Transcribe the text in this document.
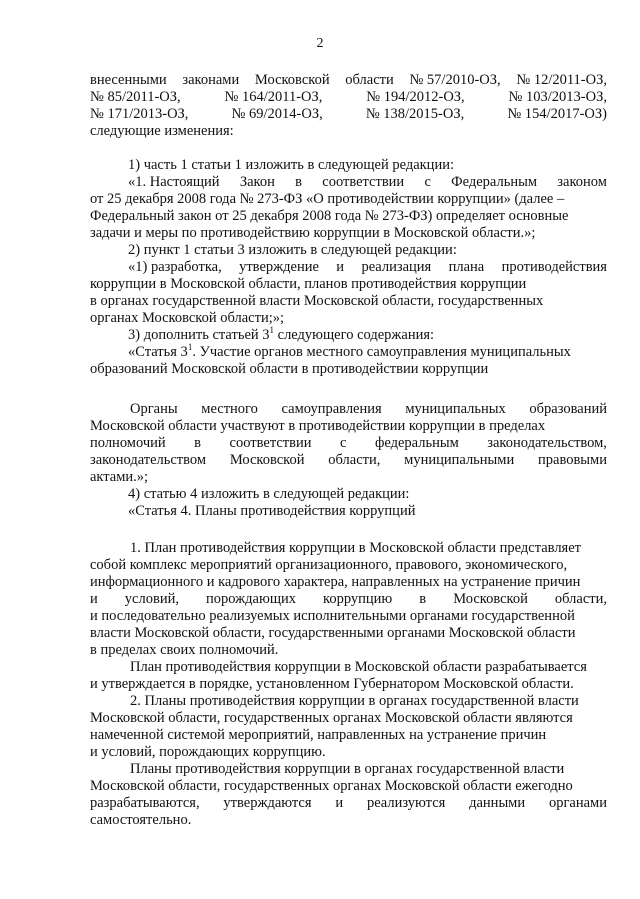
2
внесенными законами Московской области № 57/2010-ОЗ, № 12/2011-ОЗ,
№ 85/2011-ОЗ,	№ 164/2011-ОЗ,	№ 194/2012-ОЗ,	№ 103/2013-ОЗ,
№ 171/2013-ОЗ,	№ 69/2014-ОЗ,	№ 138/2015-ОЗ,	№ 154/2017-ОЗ)
следующие изменения:
1) часть 1 статьи 1 изложить в следующей редакции:
«1. Настоящий Закон в соответствии с Федеральным законом
от 25 декабря 2008 года № 273-ФЗ «О противодействии коррупции» (далее –
Федеральный закон от 25 декабря 2008 года № 273-ФЗ) определяет основные
задачи и меры по противодействию коррупции в Московской области.»;
2) пункт 1 статьи 3 изложить в следующей редакции:
«1) разработка, утверждение и реализация плана противодействия
коррупции в Московской области, планов противодействия коррупции
в органах государственной власти Московской области, государственных
органах Московской области;»;
3) дополнить статьей $3^1$ следующего содержания:
«Статья $3^1$. Участие органов местного самоуправления муниципальных
образований Московской области в противодействии коррупции
Органы местного самоуправления муниципальных образований
Московской области участвуют в противодействии коррупции в пределах
полномочий в соответствии с федеральным законодательством,
законодательством Московской области, муниципальными правовыми
актами.»;
4) статью 4 изложить в следующей редакции:
«Статья 4. Планы противодействия коррупций
1. План противодействия коррупции в Московской области представляет
собой комплекс мероприятий организационного, правового, экономического,
информационного и кадрового характера, направленных на устранение причин
и условий, порождающих коррупцию в Московской области,
и последовательно реализуемых исполнительными органами государственной
власти Московской области, государственными органами Московской области
в пределах своих полномочий.
План противодействия коррупции в Московской области разрабатывается
и утверждается в порядке, установленном Губернатором Московской области.
2. Планы противодействия коррупции в органах государственной власти
Московской области, государственных органах Московской области являются
намеченной системой мероприятий, направленных на устранение причин
и условий, порождающих коррупцию.
Планы противодействия коррупции в органах государственной власти
Московской области, государственных органах Московской области ежегодно
разрабатываются, утверждаются и реализуются данными органами
самостоятельно.
